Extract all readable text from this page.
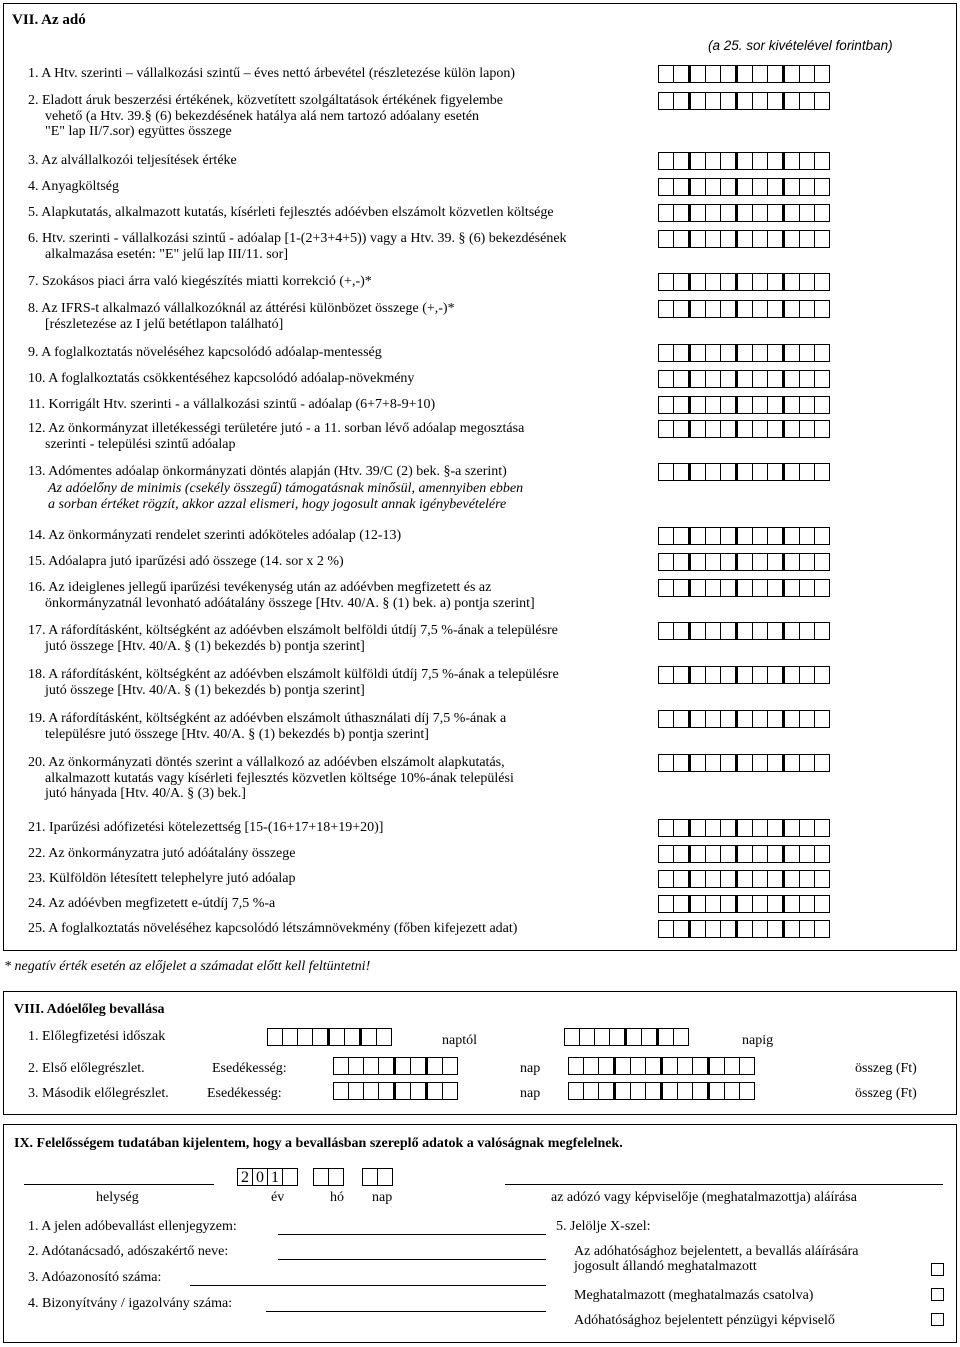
VII. Az adó
(a 25. sor kivételével forintban)
1. A Htv. szerinti – vállalkozási szintű – éves nettó árbevétel (részletezése külön lapon)
2. Eladott áruk beszerzési értékének, közvetített szolgáltatások értékének figyelembe
vehető (a Htv. 39.§ (6) bekezdésének hatálya alá nem tartozó adóalany esetén
"E" lap II/7.sor) együttes összege
3. Az alvállalkozói teljesítések értéke
4. Anyagköltség
5. Alapkutatás, alkalmazott kutatás, kísérleti fejlesztés adóévben elszámolt közvetlen költsége
6. Htv. szerinti - vállalkozási szintű - adóalap [1-(2+3+4+5)) vagy a Htv. 39. § (6) bekezdésének
alkalmazása esetén: "E" jelű lap III/11. sor]
7. Szokásos piaci árra való kiegészítés miatti korrekció (+,-)*
8. Az IFRS-t alkalmazó vállalkozóknál az áttérési különbözet összege (+,-)*
[részletezése az I jelű betétlapon található]
9. A foglalkoztatás növeléséhez kapcsolódó adóalap-mentesség
10. A foglalkoztatás csökkentéséhez kapcsolódó adóalap-növekmény
11. Korrigált Htv. szerinti - a vállalkozási szintű - adóalap (6+7+8-9+10)
12. Az önkormányzat illetékességi területére jutó - a 11. sorban lévő adóalap megosztása
szerinti - települési szintű adóalap
13. Adómentes adóalap önkormányzati döntés alapján (Htv. 39/C (2) bek. §-a szerint)
Az adóelőny de minimis (csekély összegű) támogatásnak minősül, amennyiben ebben
a sorban értéket rögzít, akkor azzal elismeri, hogy jogosult annak igénybevételére
14. Az önkormányzati rendelet szerinti adóköteles adóalap (12-13)
15. Adóalapra jutó iparűzési adó összege (14. sor x 2 %)
16. Az ideiglenes jellegű iparűzési tevékenység után az adóévben megfizetett és az
önkormányzatnál levonható adóátalány összege [Htv. 40/A. § (1) bek. a) pontja szerint]
17. A ráfordításként, költségként az adóévben elszámolt belföldi útdíj 7,5 %-ának a településre
jutó összege [Htv. 40/A. § (1) bekezdés b) pontja szerint]
18. A ráfordításként, költségként az adóévben elszámolt külföldi útdíj 7,5 %-ának a településre
jutó összege [Htv. 40/A. § (1) bekezdés b) pontja szerint]
19. A ráfordításként, költségként az adóévben elszámolt úthasználati díj 7,5 %-ának a
településre jutó összege [Htv. 40/A. § (1) bekezdés b) pontja szerint]
20. Az önkormányzati döntés szerint a vállalkozó az adóévben elszámolt alapkutatás,
alkalmazott kutatás vagy kísérleti fejlesztés közvetlen költsége 10%-ának települési
jutó hányada [Htv. 40/A. § (3) bek.]
21. Iparűzési adófizetési kötelezettség [15-(16+17+18+19+20)]
22. Az önkormányzatra jutó adóátalány összege
23. Külföldön létesített telephelyre jutó adóalap
24. Az adóévben megfizetett e-útdíj 7,5 %-a
25. A foglalkoztatás növeléséhez kapcsolódó létszámnövekmény (főben kifejezett adat)
* negatív érték esetén az előjelet a számadat előtt kell feltüntetni!
VIII. Adóelőleg bevallása
1. Előlegfizetési időszak	naptól	napig
2. Első előlegrészlet.	Esedékesség:	nap	összeg (Ft)
3. Második előlegrészlet.	Esedékesség:	nap	összeg (Ft)
IX. Felelősségem tudatában kijelentem, hogy a bevallásban szereplő adatok a valóságnak megfelelnek.
2 0 1
helység	év	hó nap	az adózó vagy képviselője (meghatalmazottja) aláírása
1. A jelen adóbevallást ellenjegyzem:
2. Adótanácsadó, adószakértő neve:
3. Adóazonosító száma:
4. Bizonyítvány / igazolvány száma:
5. Jelölje X-szel:
Az adóhatósághoz bejelentett, a bevallás aláírására
jogosult állandó meghatalmazott
Meghatalmazott (meghatalmazás csatolva)
Adóhatósághoz bejelentett pénzügyi képviselő
